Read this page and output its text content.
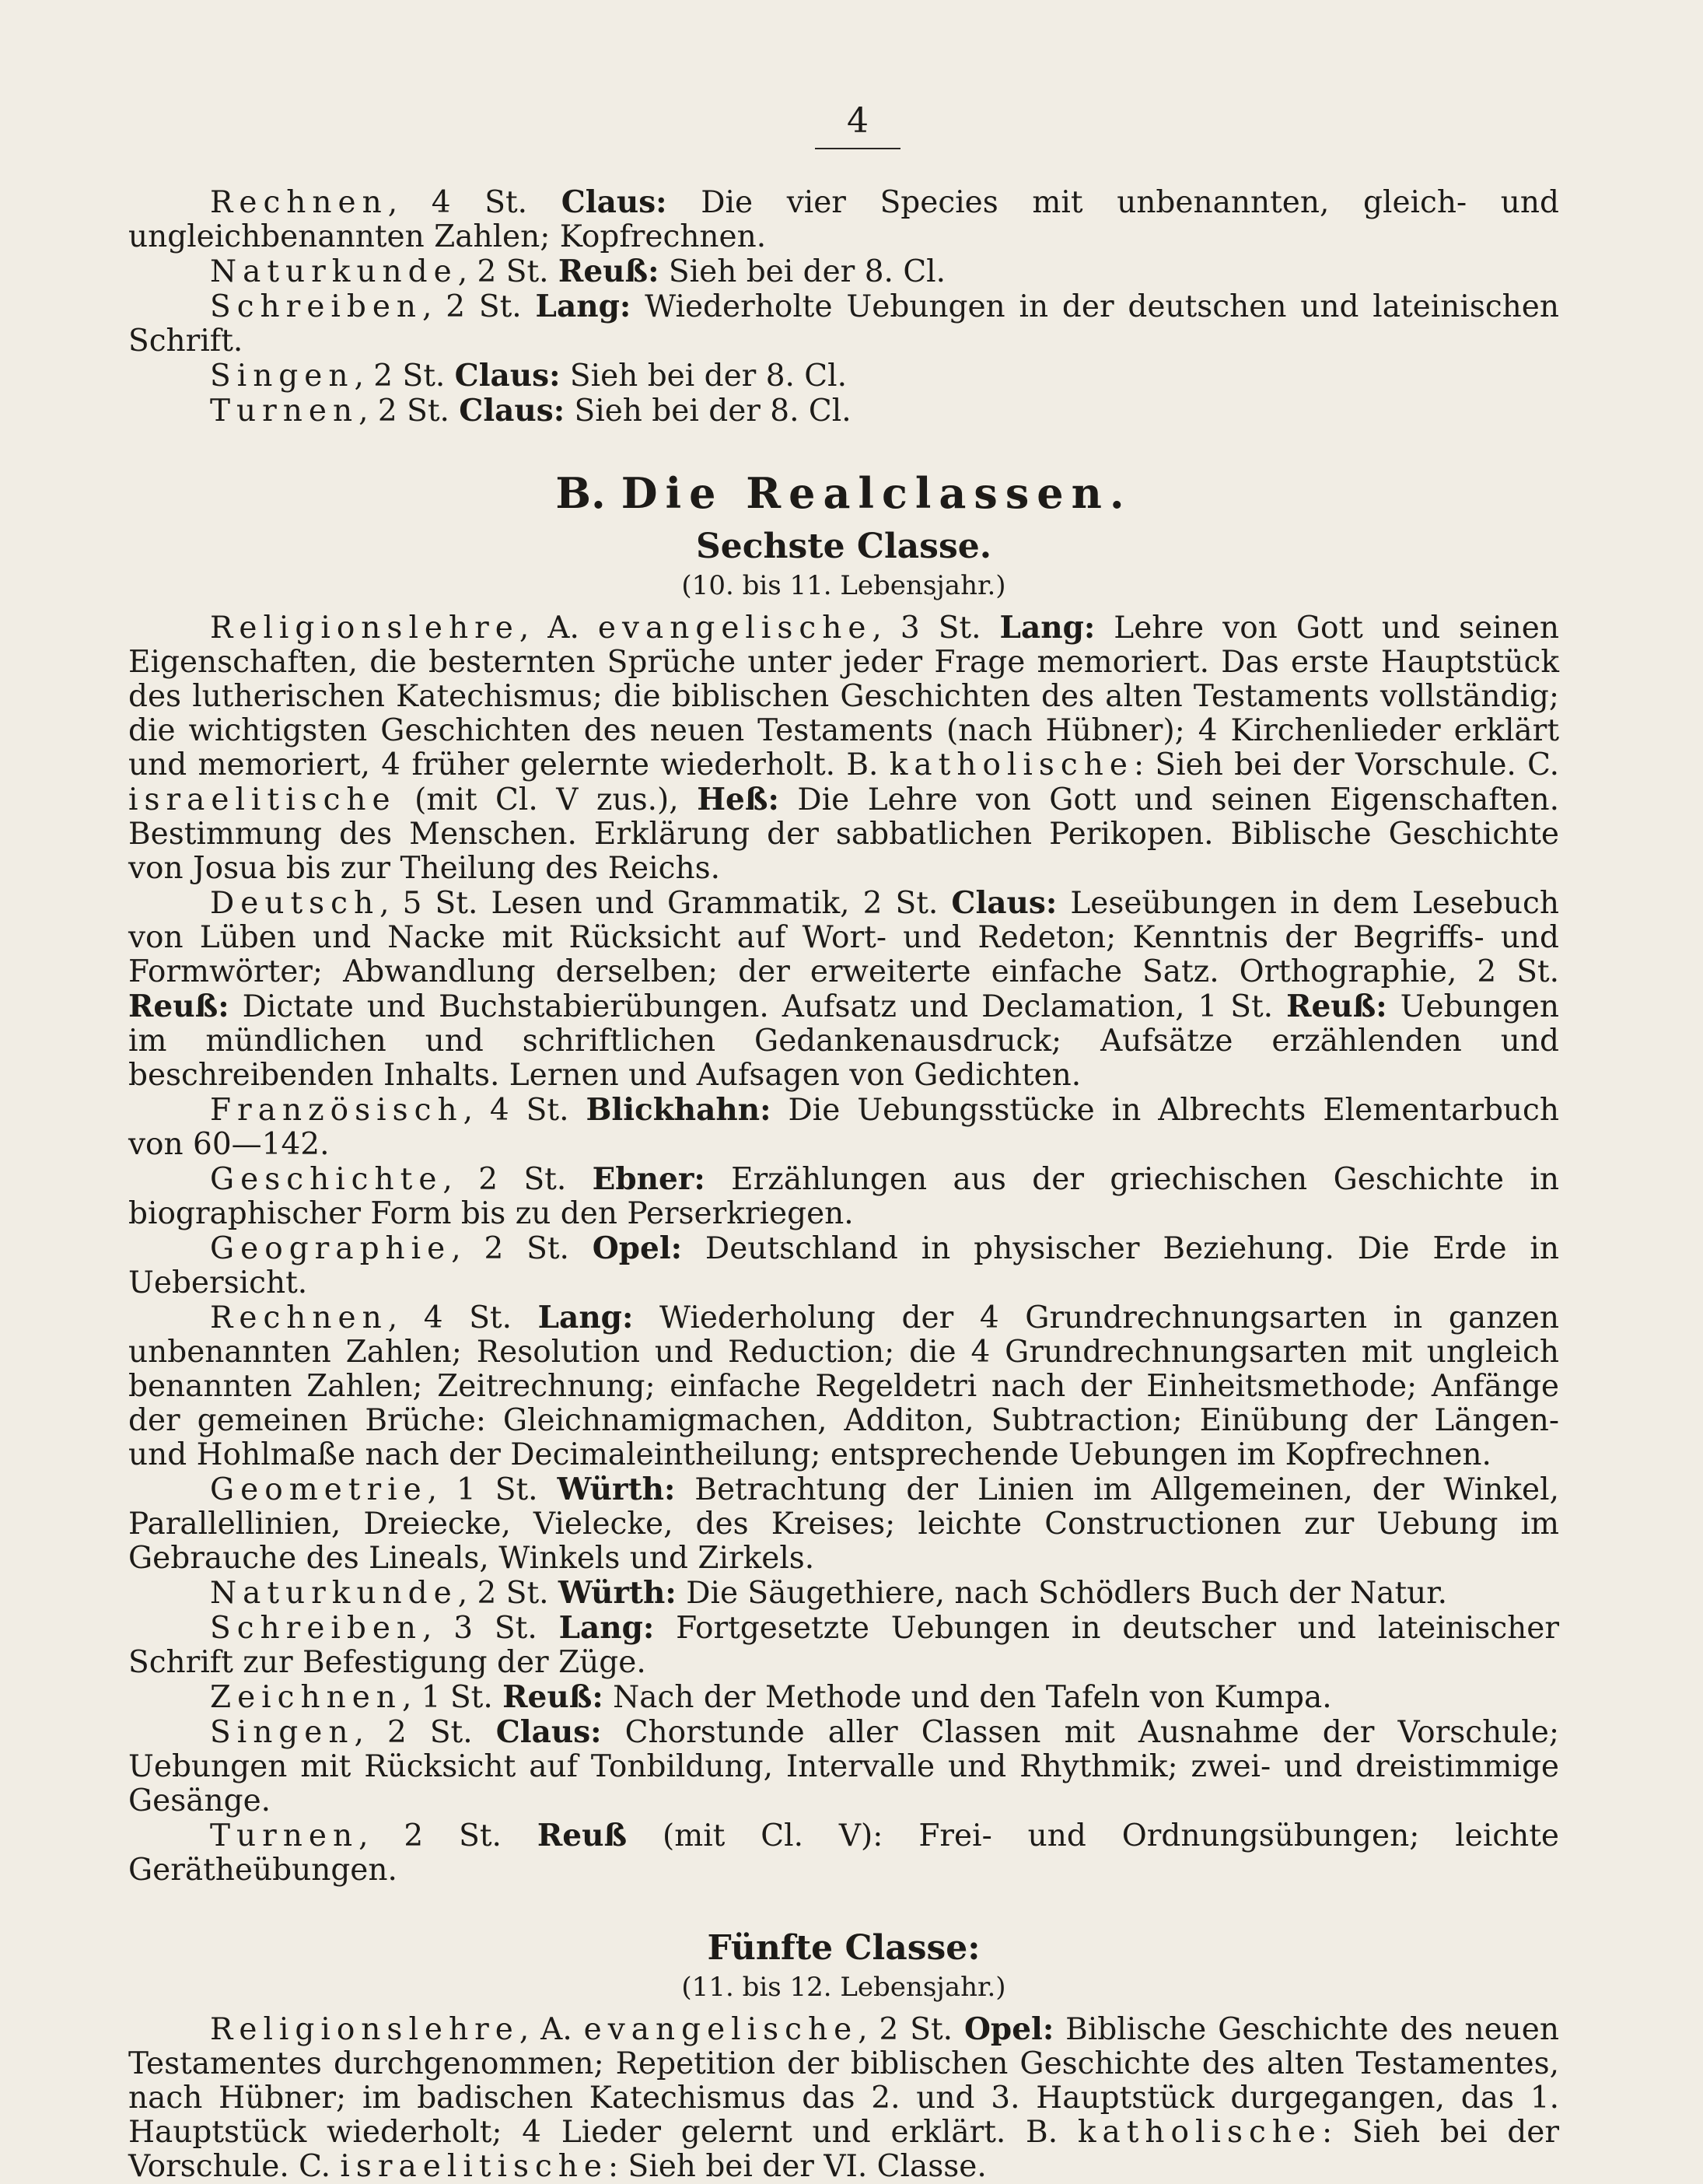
4

Rechnen, 4 St. Claus: Die vier Species mit unbenannten, gleich- und ungleichbenannten Zahlen; Kopfrechnen.

Naturkunde, 2 St. Reuß: Sieh bei der 8. Cl.

Schreiben, 2 St. Lang: Wiederholte Uebungen in der deutschen und lateinischen Schrift.

Singen, 2 St. Claus: Sieh bei der 8. Cl.

Turnen, 2 St. Claus: Sieh bei der 8. Cl.

B. Die Realclassen.
Sechste Classe.
(10. bis 11. Lebensjahr.)

Religionslehre, A. evangelische, 3 St. Lang: Lehre von Gott und seinen Eigenschaften, die besternten Sprüche unter jeder Frage memoriert. Das erste Hauptstück des lutherischen Katechismus; die biblischen Geschichten des alten Testaments vollständig; die wichtigsten Geschichten des neuen Testaments (nach Hübner); 4 Kirchenlieder erklärt und memoriert, 4 früher gelernte wiederholt. B. katholische: Sieh bei der Vorschule. C. israelitische (mit Cl. V zus.), Heß: Die Lehre von Gott und seinen Eigenschaften. Bestimmung des Menschen. Erklärung der sabbatlichen Perikopen. Biblische Geschichte von Josua bis zur Theilung des Reichs.

Deutsch, 5 St. Lesen und Grammatik, 2 St. Claus: Leseübungen in dem Lesebuch von Lüben und Nacke mit Rücksicht auf Wort- und Redeton; Kenntnis der Begriffs- und Formwörter; Abwandlung derselben; der erweiterte einfache Satz. Orthographie, 2 St. Reuß: Dictate und Buchstabierübungen. Aufsatz und Declamation, 1 St. Reuß: Uebungen im mündlichen und schriftlichen Gedankenausdruck; Aufsätze erzählenden und beschreibenden Inhalts. Lernen und Aufsagen von Gedichten.

Französisch, 4 St. Blickhahn: Die Uebungsstücke in Albrechts Elementarbuch von 60—142.

Geschichte, 2 St. Ebner: Erzählungen aus der griechischen Geschichte in biographischer Form bis zu den Perserkriegen.

Geographie, 2 St. Opel: Deutschland in physischer Beziehung. Die Erde in Uebersicht.

Rechnen, 4 St. Lang: Wiederholung der 4 Grundrechnungsarten in ganzen unbenannten Zahlen; Resolution und Reduction; die 4 Grundrechnungsarten mit ungleich benannten Zahlen; Zeitrechnung; einfache Regeldetri nach der Einheitsmethode; Anfänge der gemeinen Brüche: Gleichnamigmachen, Additon, Subtraction; Einübung der Längen- und Hohlmaße nach der Decimaleintheilung; entsprechende Uebungen im Kopfrechnen.

Geometrie, 1 St. Würth: Betrachtung der Linien im Allgemeinen, der Winkel, Parallellinien, Dreiecke, Vielecke, des Kreises; leichte Constructionen zur Uebung im Gebrauche des Lineals, Winkels und Zirkels.

Naturkunde, 2 St. Würth: Die Säugethiere, nach Schödlers Buch der Natur.

Schreiben, 3 St. Lang: Fortgesetzte Uebungen in deutscher und lateinischer Schrift zur Befestigung der Züge.

Zeichnen, 1 St. Reuß: Nach der Methode und den Tafeln von Kumpa.

Singen, 2 St. Claus: Chorstunde aller Classen mit Ausnahme der Vorschule; Uebungen mit Rücksicht auf Tonbildung, Intervalle und Rhythmik; zwei- und dreistimmige Gesänge.

Turnen, 2 St. Reuß (mit Cl. V): Frei- und Ordnungsübungen; leichte Gerätheübungen.

Fünfte Classe:
(11. bis 12. Lebensjahr.)

Religionslehre, A. evangelische, 2 St. Opel: Biblische Geschichte des neuen Testamentes durchgenommen; Repetition der biblischen Geschichte des alten Testamentes, nach Hübner; im badischen Katechismus das 2. und 3. Hauptstück durgegangen, das 1. Hauptstück wiederholt; 4 Lieder gelernt und erklärt. B. katholische: Sieh bei der Vorschule. C. israelitische: Sieh bei der VI. Classe.
